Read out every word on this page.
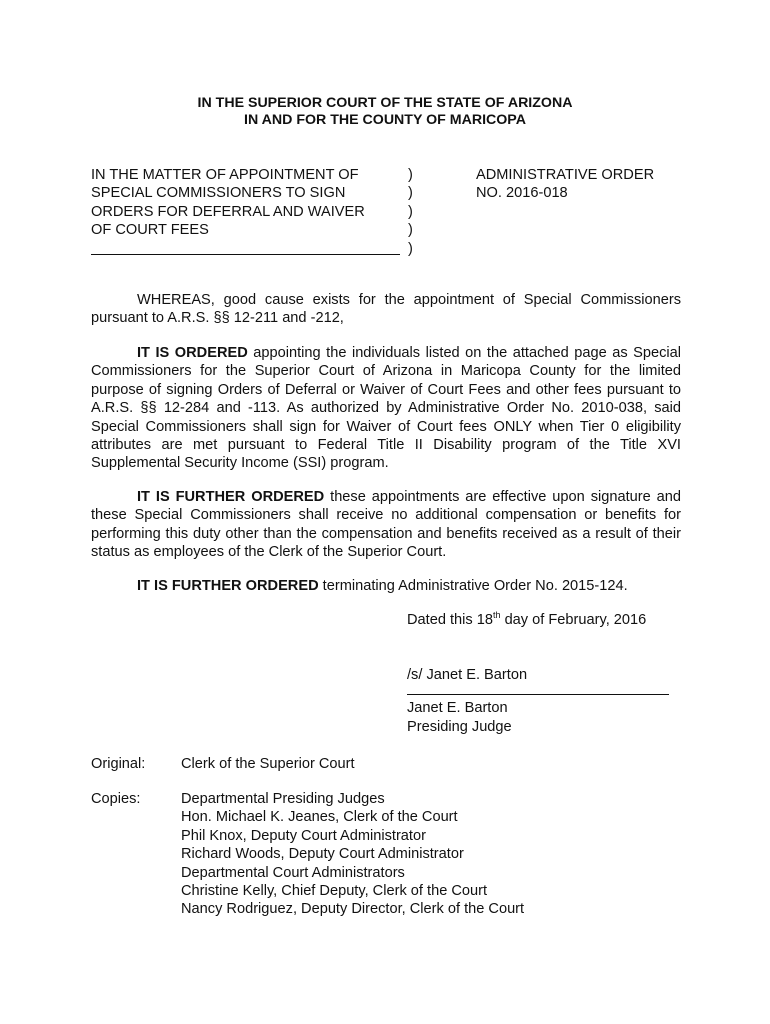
IN THE SUPERIOR COURT OF THE STATE OF ARIZONA
IN AND FOR THE COUNTY OF MARICOPA
IN THE MATTER OF APPOINTMENT OF
SPECIAL COMMISSIONERS TO SIGN
ORDERS FOR DEFERRAL AND WAIVER
OF COURT FEES
)
)
)
)
)
ADMINISTRATIVE ORDER
NO. 2016-018
WHEREAS, good cause exists for the appointment of Special Commissioners pursuant to A.R.S. §§ 12-211 and -212,
IT IS ORDERED appointing the individuals listed on the attached page as Special Commissioners for the Superior Court of Arizona in Maricopa County for the limited purpose of signing Orders of Deferral or Waiver of Court Fees and other fees pursuant to A.R.S. §§ 12-284 and -113. As authorized by Administrative Order No. 2010-038, said Special Commissioners shall sign for Waiver of Court fees ONLY when Tier 0 eligibility attributes are met pursuant to Federal Title II Disability program of the Title XVI Supplemental Security Income (SSI) program.
IT IS FURTHER ORDERED these appointments are effective upon signature and these Special Commissioners shall receive no additional compensation or benefits for performing this duty other than the compensation and benefits received as a result of their status as employees of the Clerk of the Superior Court.
IT IS FURTHER ORDERED terminating Administrative Order No. 2015-124.
Dated this 18th day of February, 2016
/s/ Janet E. Barton
Janet E. Barton
Presiding Judge
Original: Clerk of the Superior Court
Copies:	Departmental Presiding Judges
Hon. Michael K. Jeanes, Clerk of the Court
Phil Knox, Deputy Court Administrator
Richard Woods, Deputy Court Administrator
Departmental Court Administrators
Christine Kelly, Chief Deputy, Clerk of the Court
Nancy Rodriguez, Deputy Director, Clerk of the Court
